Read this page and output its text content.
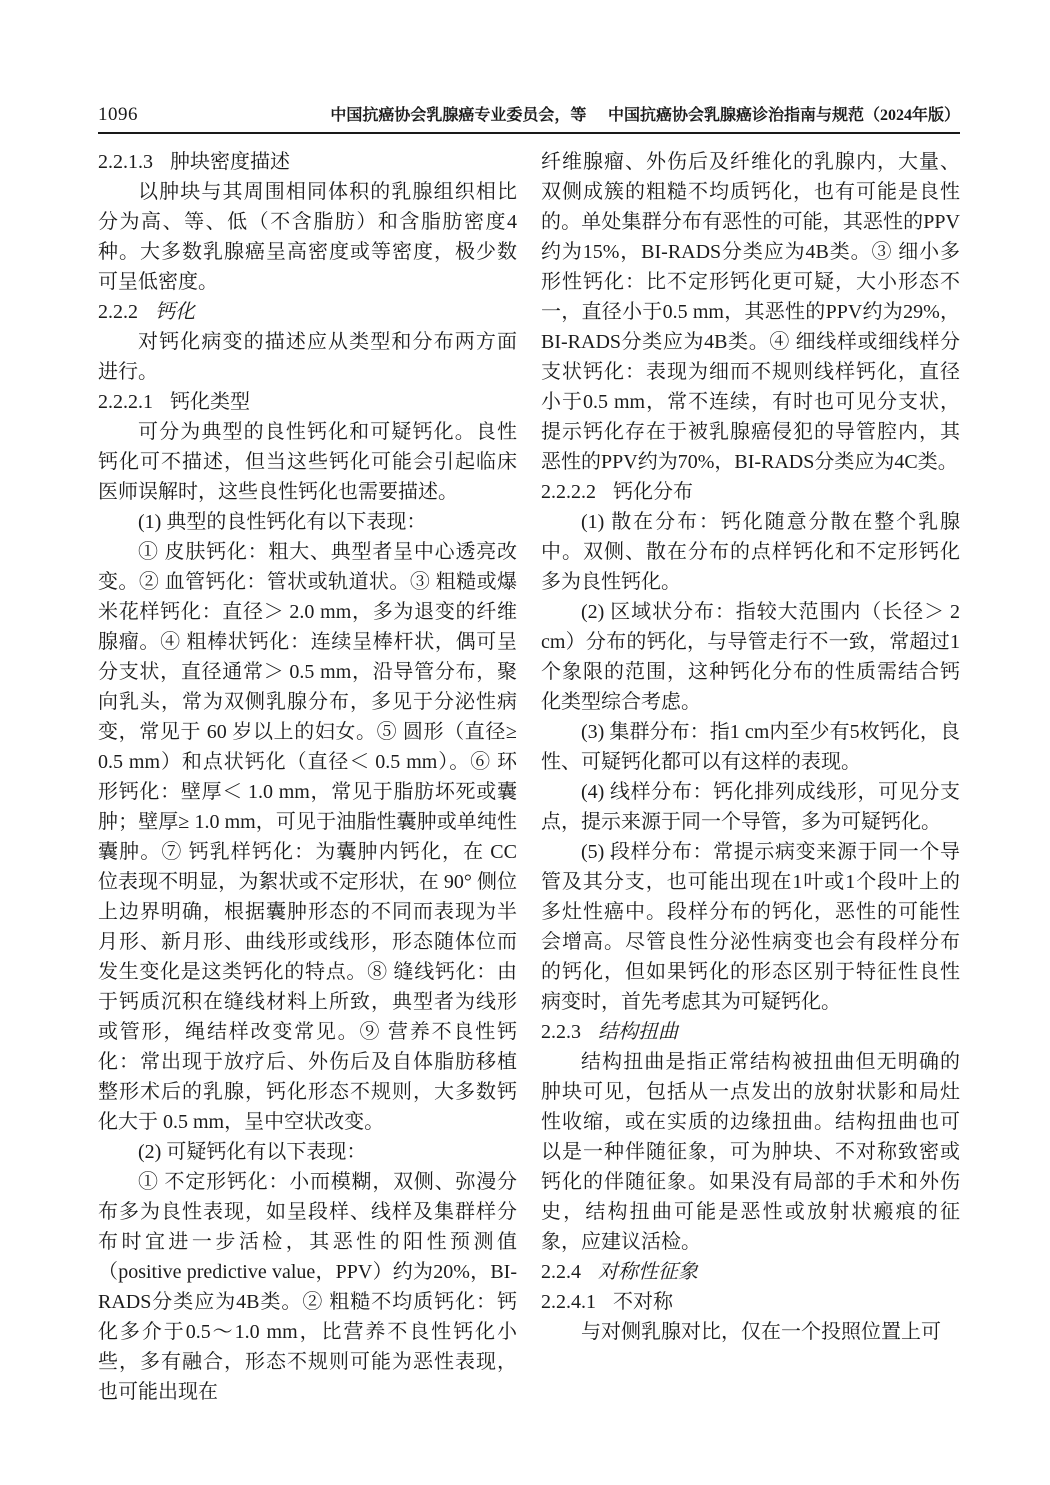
1096	中国抗癌协会乳腺癌专业委员会，等 中国抗癌协会乳腺癌诊治指南与规范（2024年版）
2.2.1.3 肿块密度描述

以肿块与其周围相同体积的乳腺组织相比分为高、等、低（不含脂肪）和含脂肪密度4种。大多数乳腺癌呈高密度或等密度，极少数可呈低密度。

2.2.2 钙化

对钙化病变的描述应从类型和分布两方面进行。

2.2.2.1 钙化类型

可分为典型的良性钙化和可疑钙化。良性钙化可不描述，但当这些钙化可能会引起临床医师误解时，这些良性钙化也需要描述。

(1) 典型的良性钙化有以下表现：

① 皮肤钙化：粗大、典型者呈中心透亮改变。② 血管钙化：管状或轨道状。③ 粗糙或爆米花样钙化：直径＞ 2.0 mm，多为退变的纤维腺瘤。④ 粗棒状钙化：连续呈棒杆状，偶可呈分支状，直径通常＞ 0.5 mm，沿导管分布，聚向乳头，常为双侧乳腺分布，多见于分泌性病变，常见于 60 岁以上的妇女。⑤ 圆形（直径≥ 0.5 mm）和点状钙化（直径＜ 0.5 mm）。⑥ 环形钙化：壁厚＜ 1.0 mm，常见于脂肪坏死或囊肿；壁厚≥ 1.0 mm，可见于油脂性囊肿或单纯性囊肿。⑦ 钙乳样钙化：为囊肿内钙化，在 CC 位表现不明显，为絮状或不定形状，在 90° 侧位上边界明确，根据囊肿形态的不同而表现为半月形、新月形、曲线形或线形，形态随体位而发生变化是这类钙化的特点。⑧ 缝线钙化：由于钙质沉积在缝线材料上所致，典型者为线形或管形，绳结样改变常见。⑨ 营养不良性钙化：常出现于放疗后、外伤后及自体脂肪移植整形术后的乳腺，钙化形态不规则，大多数钙化大于 0.5 mm，呈中空状改变。

(2) 可疑钙化有以下表现：

① 不定形钙化：小而模糊，双侧、弥漫分布多为良性表现，如呈段样、线样及集群样分布时宜进一步活检，其恶性的阳性预测值（positive predictive value，PPV）约为20%，BI-RADS分类应为4B类。② 粗糙不均质钙化：钙化多介于0.5～1.0 mm，比营养不良性钙化小些，多有融合，形态不规则可能为恶性表现，也可能出现在

纤维腺瘤、外伤后及纤维化的乳腺内，大量、双侧成簇的粗糙不均质钙化，也有可能是良性的。单处集群分布有恶性的可能，其恶性的PPV约为15%，BI-RADS分类应为4B类。③ 细小多形性钙化：比不定形钙化更可疑，大小形态不一，直径小于0.5 mm，其恶性的PPV约为29%，BI-RADS分类应为4B类。④ 细线样或细线样分支状钙化：表现为细而不规则线样钙化，直径小于0.5 mm，常不连续，有时也可见分支状，提示钙化存在于被乳腺癌侵犯的导管腔内，其恶性的PPV约为70%，BI-RADS分类应为4C类。

2.2.2.2 钙化分布

(1) 散在分布：钙化随意分散在整个乳腺中。双侧、散在分布的点样钙化和不定形钙化多为良性钙化。

(2) 区域状分布：指较大范围内（长径＞ 2 cm）分布的钙化，与导管走行不一致，常超过1个象限的范围，这种钙化分布的性质需结合钙化类型综合考虑。

(3) 集群分布：指1 cm内至少有5枚钙化，良性、可疑钙化都可以有这样的表现。

(4) 线样分布：钙化排列成线形，可见分支点，提示来源于同一个导管，多为可疑钙化。

(5) 段样分布：常提示病变来源于同一个导管及其分支，也可能出现在1叶或1个段叶上的多灶性癌中。段样分布的钙化，恶性的可能性会增高。尽管良性分泌性病变也会有段样分布的钙化，但如果钙化的形态区别于特征性良性病变时，首先考虑其为可疑钙化。

2.2.3 结构扭曲

结构扭曲是指正常结构被扭曲但无明确的肿块可见，包括从一点发出的放射状影和局灶性收缩，或在实质的边缘扭曲。结构扭曲也可以是一种伴随征象，可为肿块、不对称致密或钙化的伴随征象。如果没有局部的手术和外伤史，结构扭曲可能是恶性或放射状瘢痕的征象，应建议活检。

2.2.4 对称性征象
2.2.4.1 不对称

与对侧乳腺对比，仅在一个投照位置上可
